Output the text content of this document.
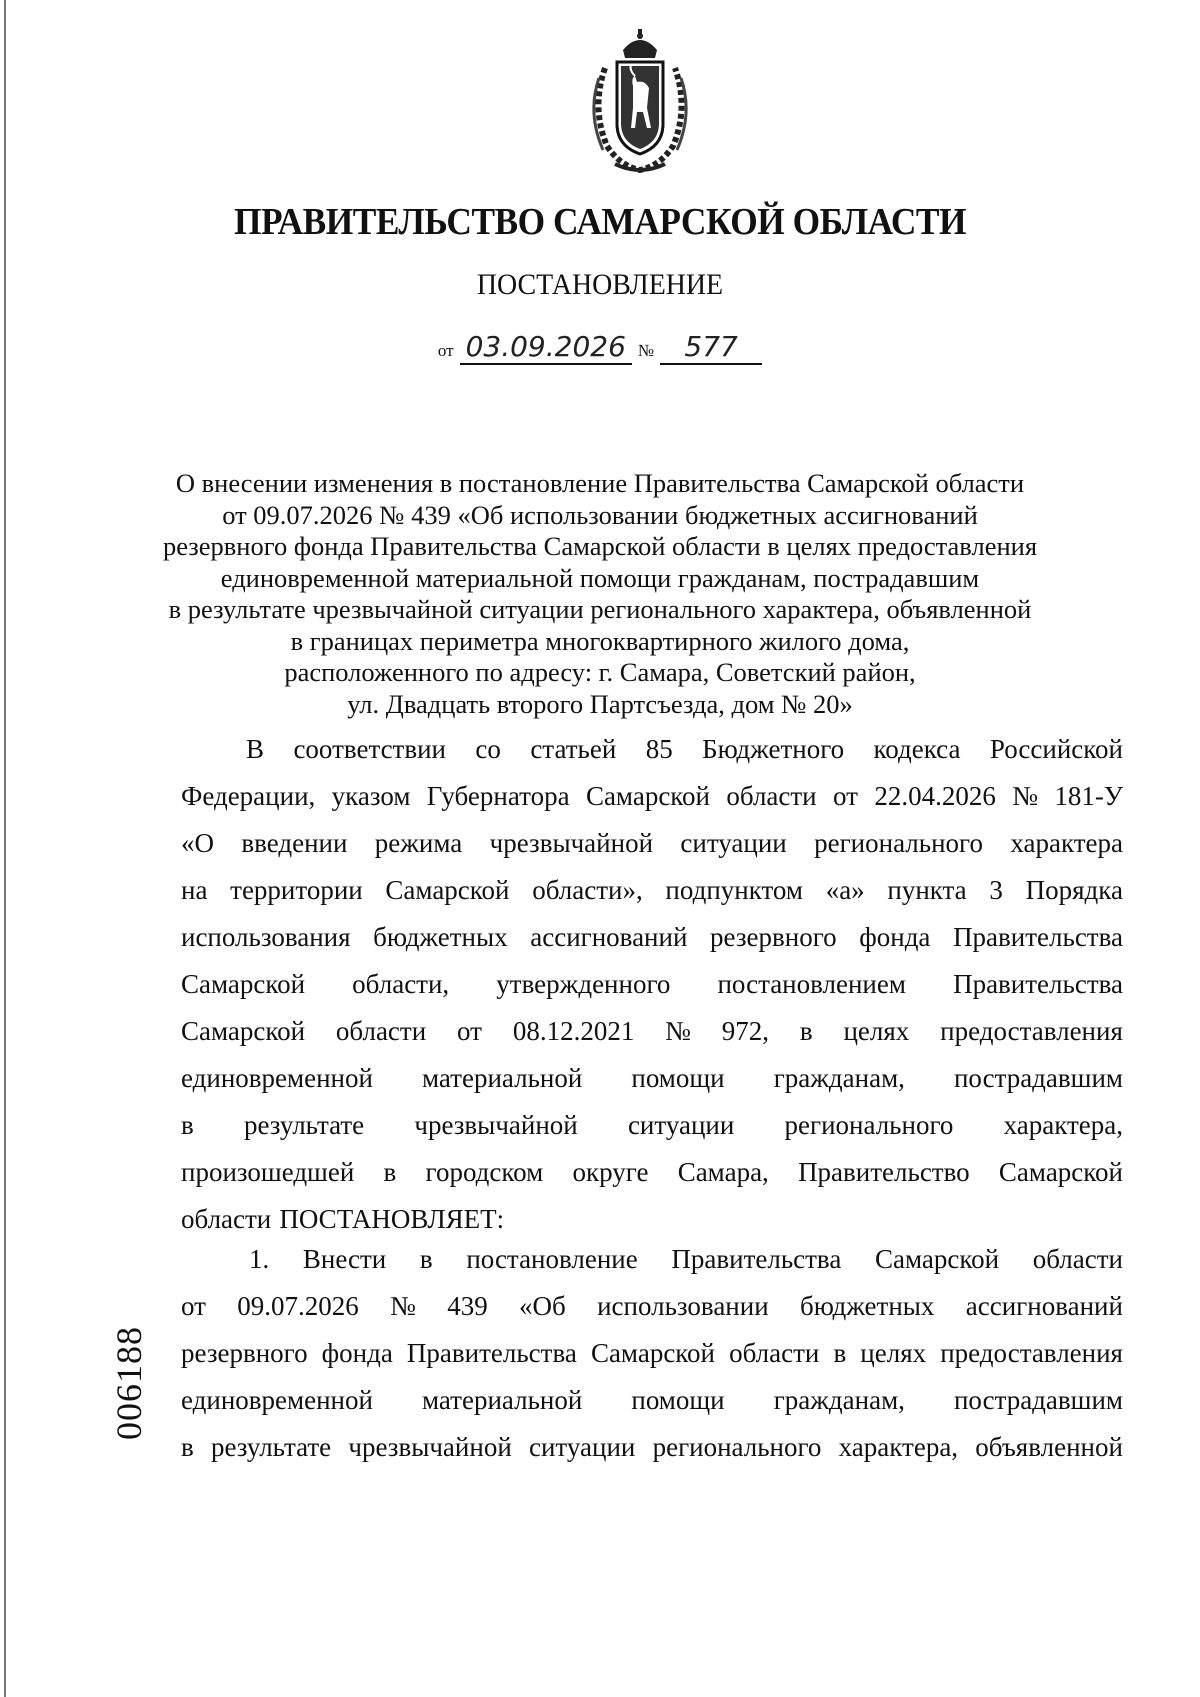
ПРАВИТЕЛЬСТВО САМАРСКОЙ ОБЛАСТИ
ПОСТАНОВЛЕНИЕ
от 03.09.2026 № 577
О внесении изменения в постановление Правительства Самарской области
от 09.07.2026 № 439 «Об использовании бюджетных ассигнований
резервного фонда Правительства Самарской области в целях предоставления
единовременной материальной помощи гражданам, пострадавшим
в результате чрезвычайной ситуации регионального характера, объявленной
в границах периметра многоквартирного жилого дома,
расположенного по адресу: г. Самара, Советский район,
ул. Двадцать второго Партсъезда, дом № 20»
В соответствии со статьей 85 Бюджетного кодекса Российской
Федерации, указом Губернатора Самарской области от 22.04.2026 № 181-У
«О введении режима чрезвычайной ситуации регионального характера
на территории Самарской области», подпунктом «а» пункта 3 Порядка
использования бюджетных ассигнований резервного фонда Правительства
Самарской области, утвержденного постановлением Правительства
Самарской области от 08.12.2021 № 972, в целях предоставления
единовременной материальной помощи гражданам, пострадавшим
в результате чрезвычайной ситуации регионального характера,
произошедшей в городском округе Самара, Правительство Самарской
области ПОСТАНОВЛЯЕТ:
1. Внести в постановление Правительства Самарской области
от 09.07.2026 № 439 «Об использовании бюджетных ассигнований
резервного фонда Правительства Самарской области в целях предоставления
единовременной материальной помощи гражданам, пострадавшим
в результате чрезвычайной ситуации регионального характера, объявленной
006188
